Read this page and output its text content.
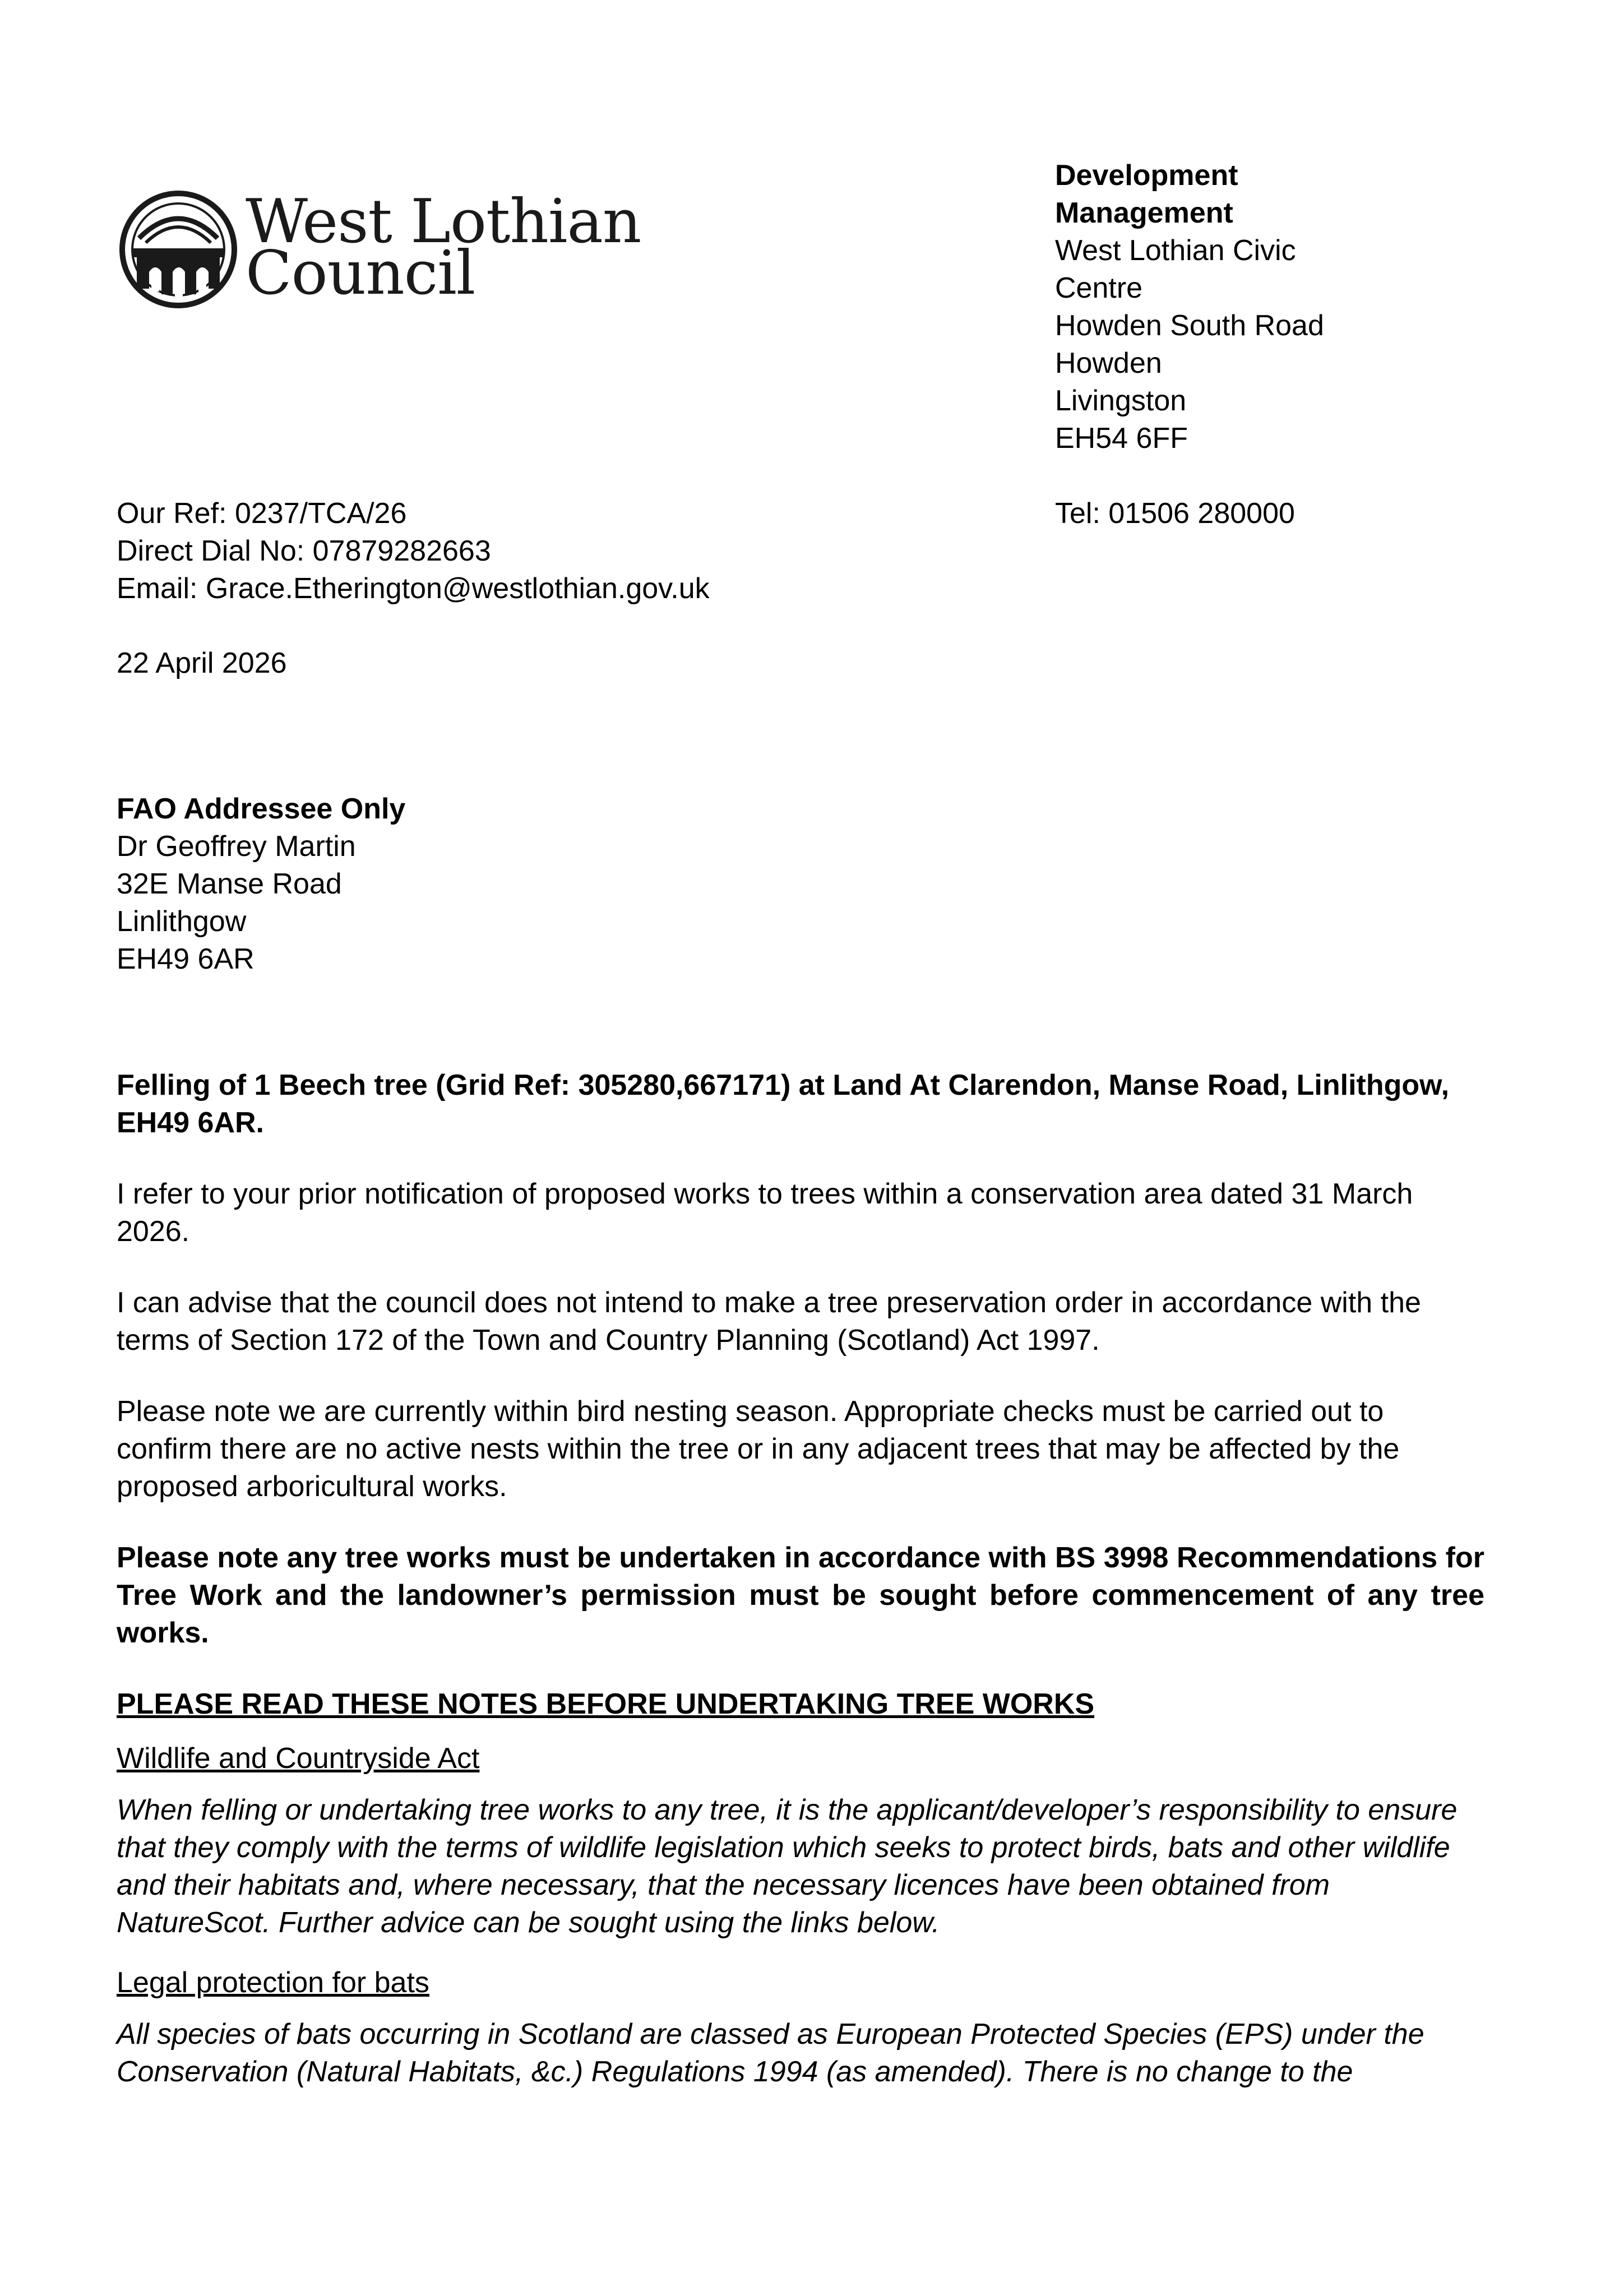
West Lothian
Council

Development

Management

West Lothian Civic

Centre

Howden South Road

Howden

Livingston

EH54 6FF

Tel: 01506 280000

Our Ref: 0237/TCA/26

Direct Dial No: 07879282663

Email: Grace.Etherington@westlothian.gov.uk

22 April 2026

FAO Addressee Only

Dr Geoffrey Martin

32E Manse Road

Linlithgow

EH49 6AR

Felling of 1 Beech tree (Grid Ref: 305280,667171) at Land At Clarendon, Manse Road, Linlithgow, EH49 6AR.

I refer to your prior notification of proposed works to trees within a conservation area dated 31 March 2026.

I can advise that the council does not intend to make a tree preservation order in accordance with the terms of Section 172 of the Town and Country Planning (Scotland) Act 1997.

Please note we are currently within bird nesting season. Appropriate checks must be carried out to confirm there are no active nests within the tree or in any adjacent trees that may be affected by the proposed arboricultural works.

Please note any tree works must be undertaken in accordance with BS 3998 Recommendations for Tree Work and the landowner’s permission must be sought before commencement of any tree works.

PLEASE READ THESE NOTES BEFORE UNDERTAKING TREE WORKS

Wildlife and Countryside Act

When felling or undertaking tree works to any tree, it is the applicant/developer’s responsibility to ensure that they comply with the terms of wildlife legislation which seeks to protect birds, bats and other wildlife and their habitats and, where necessary, that the necessary licences have been obtained from NatureScot. Further advice can be sought using the links below.

Legal protection for bats

All species of bats occurring in Scotland are classed as European Protected Species (EPS) under the Conservation (Natural Habitats, &c.) Regulations 1994 (as amended). There is no change to the
